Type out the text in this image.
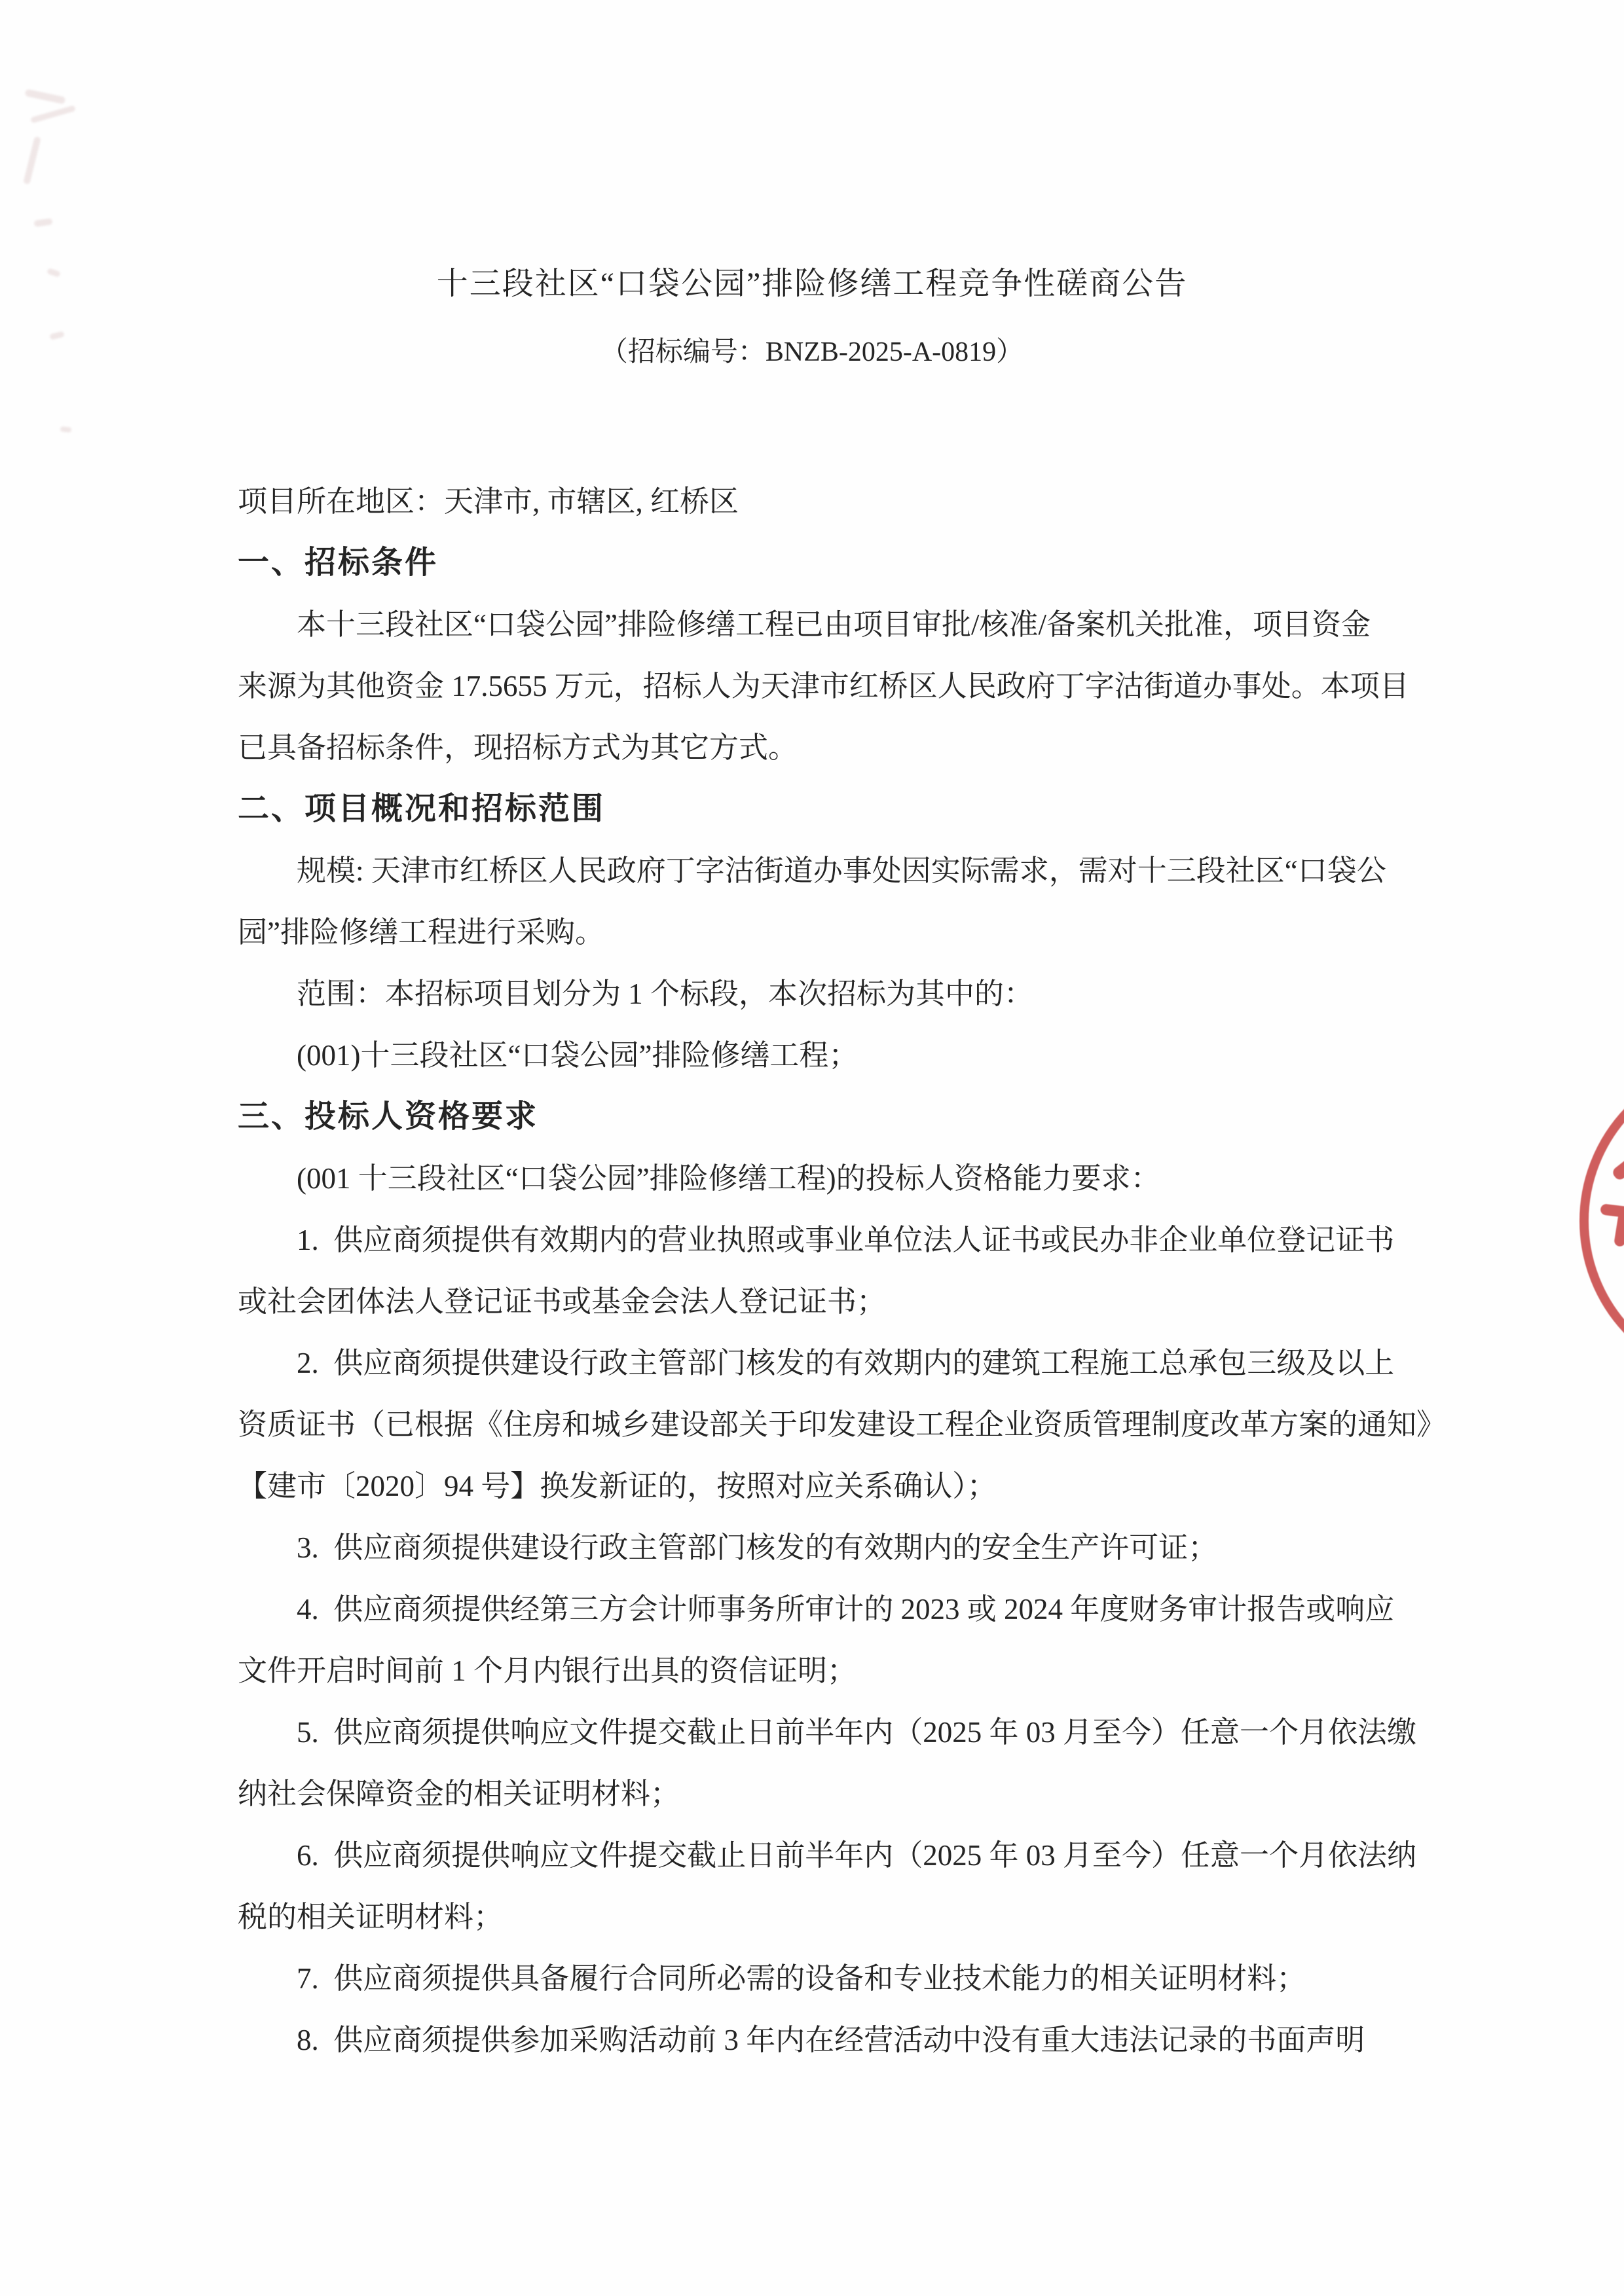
十三段社区“口袋公园”排险修缮工程竞争性磋商公告
（招标编号：BNZB-2025-A-0819）
项目所在地区：天津市, 市辖区, 红桥区
一、招标条件
本十三段社区“口袋公园”排险修缮工程已由项目审批/核准/备案机关批准，项目资金
来源为其他资金 17.5655 万元，招标人为天津市红桥区人民政府丁字沽街道办事处。本项目
已具备招标条件，现招标方式为其它方式。
二、项目概况和招标范围
规模: 天津市红桥区人民政府丁字沽街道办事处因实际需求，需对十三段社区“口袋公
园”排险修缮工程进行采购。
范围：本招标项目划分为 1 个标段，本次招标为其中的：
(001)十三段社区“口袋公园”排险修缮工程；
三、投标人资格要求
(001 十三段社区“口袋公园”排险修缮工程)的投标人资格能力要求：
1.  供应商须提供有效期内的营业执照或事业单位法人证书或民办非企业单位登记证书
或社会团体法人登记证书或基金会法人登记证书；
2.  供应商须提供建设行政主管部门核发的有效期内的建筑工程施工总承包三级及以上
资质证书（已根据《住房和城乡建设部关于印发建设工程企业资质管理制度改革方案的通知》
【建市〔2020〕94 号】换发新证的，按照对应关系确认）；
3.  供应商须提供建设行政主管部门核发的有效期内的安全生产许可证；
4.  供应商须提供经第三方会计师事务所审计的 2023 或 2024 年度财务审计报告或响应
文件开启时间前 1 个月内银行出具的资信证明；
5.  供应商须提供响应文件提交截止日前半年内（2025 年 03 月至今）任意一个月依法缴
纳社会保障资金的相关证明材料；
6.  供应商须提供响应文件提交截止日前半年内（2025 年 03 月至今）任意一个月依法纳
税的相关证明材料；
7.  供应商须提供具备履行合同所必需的设备和专业技术能力的相关证明材料；
8.  供应商须提供参加采购活动前 3 年内在经营活动中没有重大违法记录的书面声明
